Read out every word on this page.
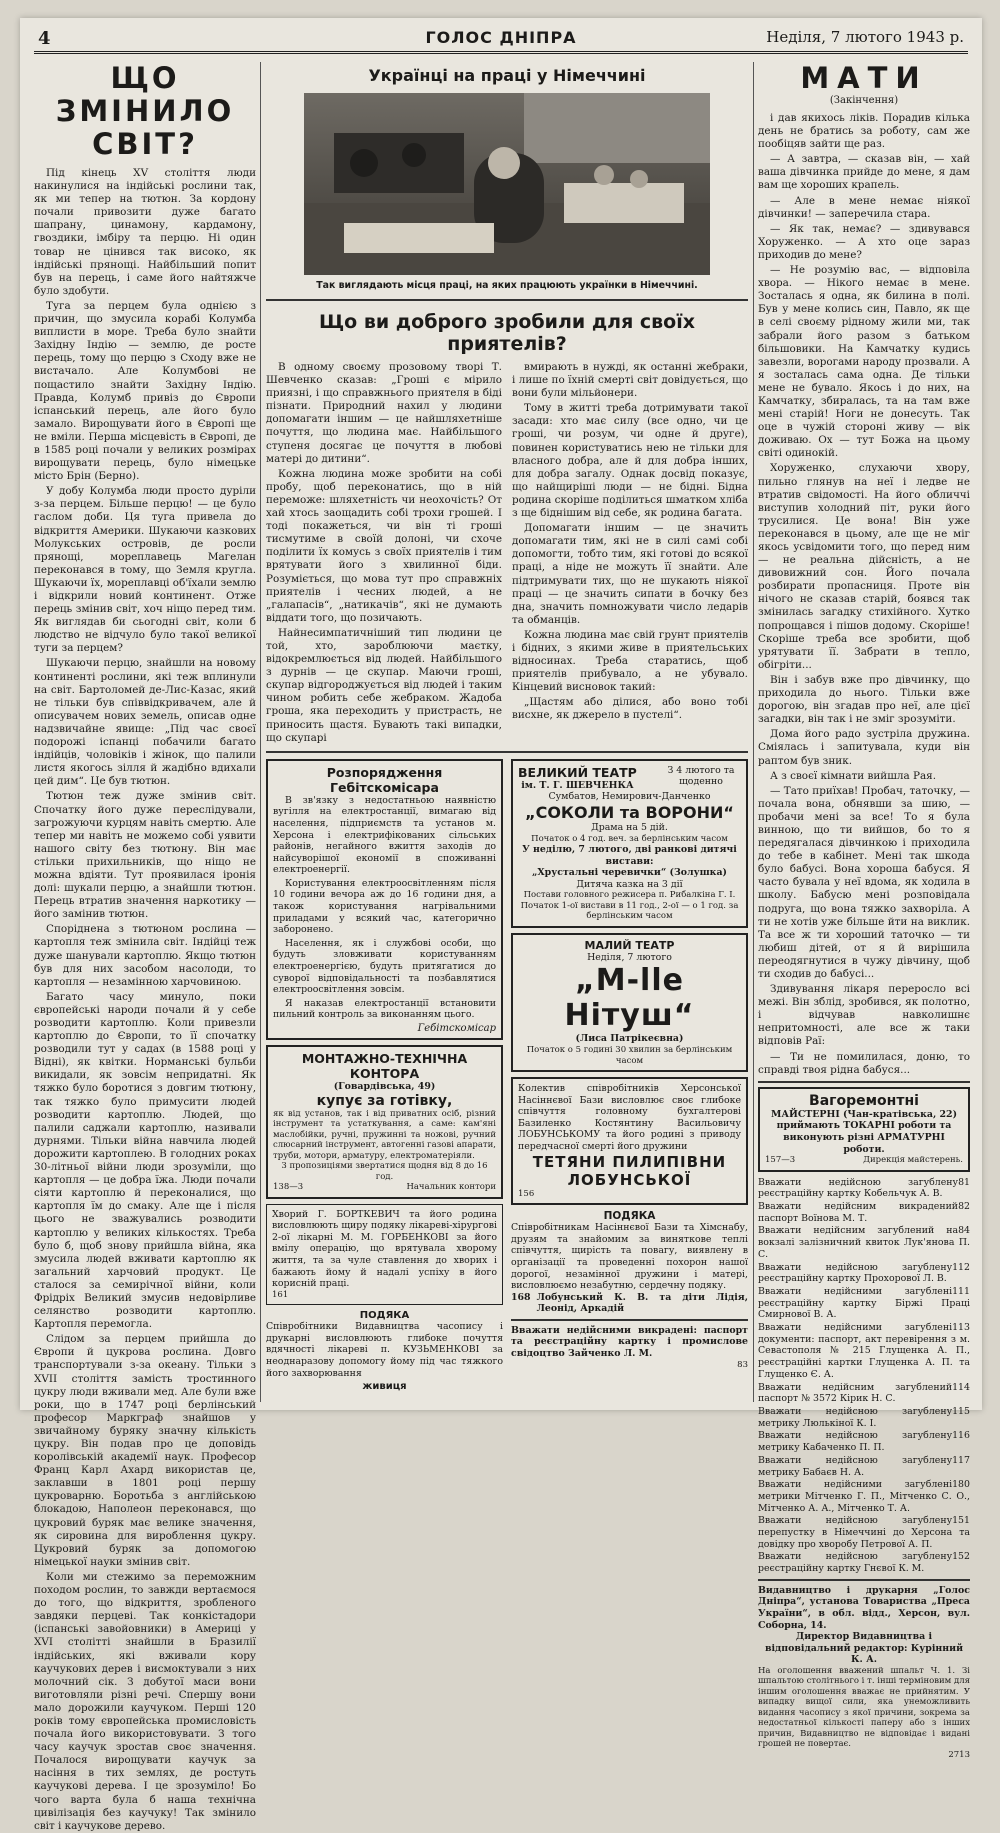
4	ГОЛОС ДНІПРА	Неділя, 7 лютого 1943 р.
ЩО ЗМІНИЛО СВІТ?
Під кінець XV століття люди накинулися на індійські рослини так, як ми тепер на тютюн. За кордону почали привозити дуже багато шапрану, цинамону, кардамону, гвоздики, імбіру та перцю. Ні один товар не цінився так високо, як індійські прянощі. Найбільший попит був на перець, і саме його найтяжче було здобути.
Туга за перцем була однією з причин, що змусила корабі Колумба виплисти в море. Треба було знайти Західну Індію — землю, де росте перець, тому що перцю з Сходу вже не вистачало. Але Колумбові не пощастило знайти Західну Індію. Правда, Колумб привіз до Європи іспанський перець, але його було замало. Вирощувати його в Європі ще не вміли. Перша місцевість в Європі, де в 1585 році почали у великих розмірах вирощувати перець, було німецьке місто Брін (Берно).
У добу Колумба люди просто дуріли з-за перцем. Більше перцю! — це було гаслом доби. Ця туга привела до відкриття Америки. Шукаючи казкових Молукських островів, де росли прянощі, мореплавець Магелан переконався в тому, що Земля кругла. Шукаючи їх, мореплавці об'їхали землю і відкрили новий континент. Отже перець змінив світ, хоч ніщо перед тим. Як виглядав би сьогодні світ, коли б людство не відчуло було такої великої туги за перцем?
Шукаючи перцю, знайшли на новому континенті рослини, які теж вплинули на світ. Бартоломей де-Лис-Казас, який не тільки був співвідкривачем, але й описувачем нових земель, описав одне надзвичайне явище: „Під час своєї подорожі іспанці побачили багато індійців, чоловіків і жінок, що палили листя якогось зілля й жадібно вдихали цей дим“. Це був тютюн.
Тютюн теж дуже змінив світ. Спочатку його дуже переслідували, загрожуючи курцям навіть смертю. Але тепер ми навіть не можемо собі уявити нашого світу без тютюну. Він має стільки прихильників, що ніщо не можна вдіяти. Тут проявилася іронія долі: шукали перцю, а знайшли тютюн. Перець втратив значення наркотику — його замінив тютюн.
Споріднена з тютюном рослина — картопля теж змінила світ. Індійці теж дуже шанували картоплю. Якщо тютюн був для них засобом насолоди, то картопля — незамінною харчовиною.
Багато часу минуло, поки європейські народи почали й у себе розводити картоплю. Коли привезли картоплю до Європи, то її спочатку розводили тут у садах (в 1588 році у Відні), як квітки. Норманські бульби викидали, як зовсім непридатні. Як тяжко було боротися з довгим тютюну, так тяжко було примусити людей розводити картоплю. Людей, що палили саджали картоплю, називали дурнями. Тільки війна навчила людей дорожити картоплею. В голодних роках 30-літньої війни люди зрозуміли, що картопля — це добра їжа. Люди почали сіяти картоплю й переконалися, що картопля їм до смаку. Але ще і після цього не зважувались розводити картоплю у великих кількостях. Треба було б, щоб знову прийшла війна, яка змусила людей вживати картоплю як загальний харчовий продукт. Це сталося за семирічної війни, коли Фрідріх Великий змусив недовірливе селянство розводити картоплю. Картопля перемогла.
Слідом за перцем прийшла до Європи й цукрова рослина. Довго транспортували з-за океану. Тільки з XVII століття замість тростинного цукру люди вживали мед. Але були вже роки, що в 1747 році берлінський професор Маркграф знайшов у звичайному буряку значну кількість цукру. Він подав про це доповідь королівській академії наук. Професор Франц Карл Ахард використав це, заклавши в 1801 році першу цукроварню. Боротьба з англійською блокадою, Наполеон переконався, що цукровий буряк має велике значення, як сировина для вироблення цукру. Цукровий буряк за допомогою німецької науки змінив світ.
Коли ми стежимо за переможним походом рослин, то завжди вертаємося до того, що відкриття, зробленого завдяки перцеві. Так конкістадори (іспанські завойовники) в Америці у XVI столітті знайшли в Бразилії індійських, які вживали кору каучукових дерев і висмоктували з них молочний сік. З добутої маси вони виготовляли різні речі. Спершу вони мало дорожили каучуком. Перші 120 років тому європейська промисловість почала його використовувати. З того часу каучук зростав своє значення. Почалося вирощувати каучук за насіння в тих землях, де ростуть каучукові дерева. І це зрозуміло! Бо чого варта була б наша технічна цивілізація без каучуку! Так змінило світ і каучукове дерево.
Українці на праці у Німеччині
Так виглядають місця праці, на яких працюють українки в Німеччині.
Що ви доброго зробили для своїх приятелів?
В одному своєму прозовому творі Т. Шевченко сказав: „Гроші є мірило приязні, і що справжнього приятеля в біді пізнати. Природний нахил у людини допомагати іншим — це найшляхетніше почуття, що людина має. Найбільшого ступеня досягає це почуття в любові матері до дитини“.
Кожна людина може зробити на собі пробу, щоб переконатись, що в ній переможе: шляхетність чи неохочість? От хай хтось заощадить собі трохи грошей. І тоді покажеться, чи він ті гроші тисмутиме в своїй долоні, чи схоче поділити їх комусь з своїх приятелів і тим врятувати його з хвилинної біди. Розуміється, що мова тут про справжніх приятелів і чесних людей, а не „галапасів“, „натикачів“, які не думають віддати того, що позичають.
Найнесимпатичніший тип людини це той, хто, зароблюючи маєтку, відокремлюється від людей. Найбільшого з дурнів — це скупар. Маючи гроші, скупар відгороджується від людей і таким чином робить себе жебраком. Жадоба гроша, яка переходить у пристрасть, не приносить щастя. Бувають такі випадки, що скупарі
вмирають в нужді, як останні жебраки, і лише по їхній смерті світ довідується, що вони були мільйонери.
Тому в житті треба дотримувати такої засади: хто має силу (все одно, чи це гроші, чи розум, чи одне й друге), повинен користуватись нею не тільки для власного добра, але й для добра інших, для добра загалу. Однак досвід показує, що найщиріші люди — не бідні. Бідна родина скоріше поділиться шматком хліба з ще біднішим від себе, як родина багата.
Допомагати іншим — це значить допомагати тим, які не в силі самі собі допомогти, тобто тим, які готові до всякої праці, а ніде не можуть її знайти. Але підтримувати тих, що не шукають ніякої праці — це значить сипати в бочку без дна, значить помножувати число ледарів та обманців.
Кожна людина має свій грунт приятелів і бідних, з якими живе в приятельських відносинах. Треба старатись, щоб приятелів прибувало, а не убувало. Кінцевий висновок такий:
„Щастям або ділися, або воно тобі висхне, як джерело в пустелі“.
Розпорядження Гебітскомісара
В зв'язку з недостатньою наявністю вугілля на електростанції, вимагаю від населення, підприємств та установ м. Херсона і електрифікованих сільських районів, негайного вжиття заходів до найсуворішої економії в споживанні електроенергії.
Користування електроосвітленням після 10 години вечора аж до 16 години дня, а також користування нагрівальними приладами у всякий час, категорично заборонено.
Населення, як і службові особи, що будуть зловживати користуванням електроенергією, будуть притягатися до суворої відповідальності та позбавлятися електроосвітлення зовсім.
Я наказав електростанції встановити пильний контроль за виконанням цього.
Гебітскомісар
МОНТАЖНО-ТЕХНІЧНА КОНТОРА
(Говардівська, 49)
купує за готівку,
як від установ, так і від приватних осіб, різний інструмент та устаткування, а саме: кам'яні маслобійки, ручні, пружинні та ножові, ручний слюсарний інструмент, автогенні газові апарати, труби, мотори, арматуру, електроматеріяли.
3 пропозиціями звертатися щодня від 8 до 16 год.
138—3	Начальник контори
Хворий Г. БОРТКЕВИЧ та його родина висловлюють щиру подяку лікареві-хірургові 2-ої лікарні М. М. ГОРБЕНКОВІ за його вмілу операцію, що врятувала хворому життя, та за чуле ставлення до хворих і бажають йому й надалі успіху в його корисній праці.
161
ПОДЯКА
Співробітники Видавництва часопису і друкарні висловлюють глибоке почуття вдячності лікареві п. КУЗЬМЕНКОВІ за неоднаразову допомогу йому під час тяжкого його захворювання
живиця
ВЕЛИКИЙ ТЕАТР
ім. Т. Г. ШЕВЧЕНКА
З 4 лютого та щоденно
Сумбатов, Немирович-Данченко
„СОКОЛИ та ВОРОНИ“
Драма на 5 дій.
Початок о 4 год. веч. за берлінським часом
У неділю, 7 лютого, дві ранкові дитячі вистави:
„Хрустальні черевички“ (Золушка)
Дитяча казка на 3 дії
Постави головного режисера п. Рибалкіна Г. І.
Початок 1-ої вистави в 11 год., 2-ої — о 1 год. за берлінським часом
МАЛИЙ ТЕАТР
Неділя, 7 лютого
„М-lle Нітуш“
(Лиса Патрікеєвна)
Початок о 5 годині 30 хвилин за берлінським часом
Колектив співробітників Херсонської Насіннєвої Бази висловлює своє глибоке співчуття головному бухгалтерові Базиленко Костянтину Васильовичу ЛОБУНСЬКОМУ та його родині з приводу передчасної смерті його дружини
ТЕТЯНИ ПИЛИПІВНИ ЛОБУНСЬКОЇ
156
ПОДЯКА
Співробітникам Насіннєвої Бази та Хімснабу, друзям та знайомим за виняткове теплі співчуття, щирість та повагу, виявлену в організації та проведенні похорон нашої дорогої, незамінної дружини і матері, висловлюємо незабутню, сердечну подяку.
168 Лобунський К. В. та діти Лідія, Леонід, Аркадій
Вважати недійсними викрадені: паспорт та реєстраційну картку і промислове свідоцтво Зайченко Л. М.
83
МАТИ
(Закінчення)
і дав якихось ліків. Порадив кілька день не братись за роботу, сам же пообіцяв зайти ще раз.
— А завтра, — сказав він, — хай ваша дівчинка прийде до мене, я дам вам ще хороших крапель.
— Але в мене немає ніякої дівчинки! — заперечила стара.
— Як так, немає? — здивувався Хоруженко. — А хто оце зараз приходив до мене?
— Не розумію вас, — відповіла хвора. — Нікого немає в мене. Зосталась я одна, як билина в полі. Був у мене колись син, Павло, як ще в селі своєму рідному жили ми, так забрали його разом з батьком більшовики. На Камчатку кудись завезли, ворогами народу прозвали. А я зосталась сама одна. Де тільки мене не бувало. Якось і до них, на Камчатку, збиралась, та на там вже мені старій! Ноги не донесуть. Так оце в чужій стороні живу — вік доживаю. Ох — тут Божа на цьому світі одинокій.
Хоруженко, слухаючи хвору, пильно глянув на неї і ледве не втратив свідомості. На його обличчі виступив холодний піт, руки його трусилися. Це вона! Він уже переконався в цьому, але ще не міг якось усвідомити того, що перед ним — не реальна дійсність, а не дивовижний сон. Його почала розбирати пропасниця. Проте він нічого не сказав старій, боявся так змінилась загадку стихійного. Хутко попрощався і пішов додому. Скоріше! Скоріше треба все зробити, щоб урятувати її. Забрати в тепло, обігріти...
Він і забув вже про дівчинку, що приходила до нього. Тільки вже дорогою, він згадав про неї, але цієї загадки, він так і не зміг зрозуміти.
Дома його радо зустріла дружина. Сміялась і запитувала, куди він раптом був зник.
А з своєї кімнати вийшла Рая.
— Тато приїхав! Пробач, таточку, — почала вона, обнявши за шию, — пробачи мені за все! То я була винною, що ти вийшов, бо то я передягалася дівчинкою і приходила до тебе в кабінет. Мені так шкода було бабусі. Вона хороша бабуся. Я часто бувала у неї вдома, як ходила в школу. Бабусю мені розповідала подруга, що вона тяжко захворіла. А ти не хотів уже більше йти на виклик. Та все ж ти хороший таточко — ти любиш дітей, от я й вирішила переодягнутися в чужу дівчину, щоб ти сходив до бабусі...
Здивування лікаря переросло всі межі. Він зблід, зробився, як полотно, і відчував навколишнє непритомності, але все ж таки відповів Раї:
— Ти не помилилася, доню, то справді твоя рідна бабуся...
Вагоремонтні
МАЙСТЕРНІ (Чан-кратівська, 22)
приймають ТОКАРНІ роботи та виконують різні АРМАТУРНІ роботи.
157—3	Дирекція майстерень.
81
Вважати недійсною загублену реєстраційну картку Кобельчук А. В.
82
Вважати недійсним викрадений паспорт Воїнова М. Т.
84
Вважати недійсним загублений на вокзалі залізничний квиток Лук'янова П. С.
112
Вважати недійсною загублену реєстраційну картку Прохорової Л. В.
111
Вважати недійсними загублені реєстраційну картку Біржі Праці Смирнової В. А.
113
Вважати недійсними загублені документи: паспорт, акт перевірення з м. Севастополя № 215 Глущенка А. П., реєстраційні картки Глущенка А. П. та Глущенко Є. А.
114
Вважати недійсним загублений паспорт № 3572 Кірик Н. С.
115
Вважати недійсною загублену метрику Люлькіної К. І.
116
Вважати недійсною загублену метрику Кабаченко П. П.
117
Вважати недійсною загублену метрику Бабаєв Н. А.
180
Вважати недійсними загублені метрики Мітченко Г. П., Мітченко С. О., Мітченко А. А., Мітченко Т. А.
151
Вважати недійсною загублену перепустку в Німеччині до Херсона та довідку про хворобу Петрової А. П.
152
Вважати недійсною загублену реєстраційну картку Гнєвої К. М.
Видавництво і друкарня „Голос Дніпра“, установа Товариства „Преса України“, в обл. відд., Херсон, вул. Соборна, 14.
Директор Видавництва і відповідальний редактор: Курінний К. А.
На оголошення вважений шпальт Ч. 1. Зі шпальтою столітнього і т. інші терміновим для іншим оголошення вважає не прийнятим. У випадку вищої сили, яка унеможливить видання часопису з якої причини, зокрема за недостатньої кількості паперу або з інших причин, Видавництво не відповідає і видані грошей не повертає.
2713
